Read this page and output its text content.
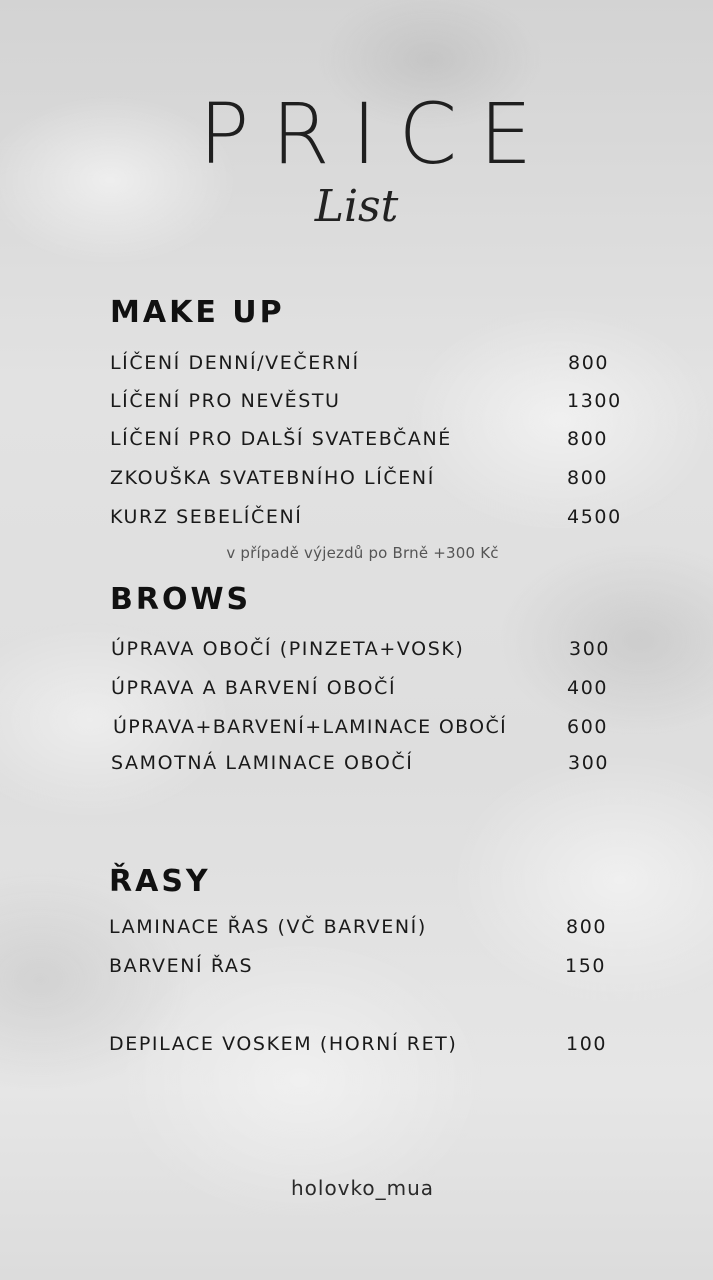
PRICE
List
MAKE UP
LÍČENÍ DENNÍ/VEČERNÍ	800
LÍČENÍ PRO NEVĚSTU	1300
LÍČENÍ PRO DALŠÍ SVATEBČANÉ	800
ZKOUŠKA SVATEBNÍHO LÍČENÍ	800
KURZ SEBELÍČENÍ	4500
v případě výjezdů po Brně +300 Kč
BROWS
ÚPRAVA OBOČÍ (PINZETA+VOSK)	300
ÚPRAVA A BARVENÍ OBOČÍ	400
ÚPRAVA+BARVENÍ+LAMINACE OBOČÍ	600
SAMOTNÁ LAMINACE OBOČÍ	300
ŘASY
LAMINACE ŘAS (VČ BARVENÍ)	800
BARVENÍ ŘAS	150
DEPILACE VOSKEM (HORNÍ RET)	100
holovko_mua
